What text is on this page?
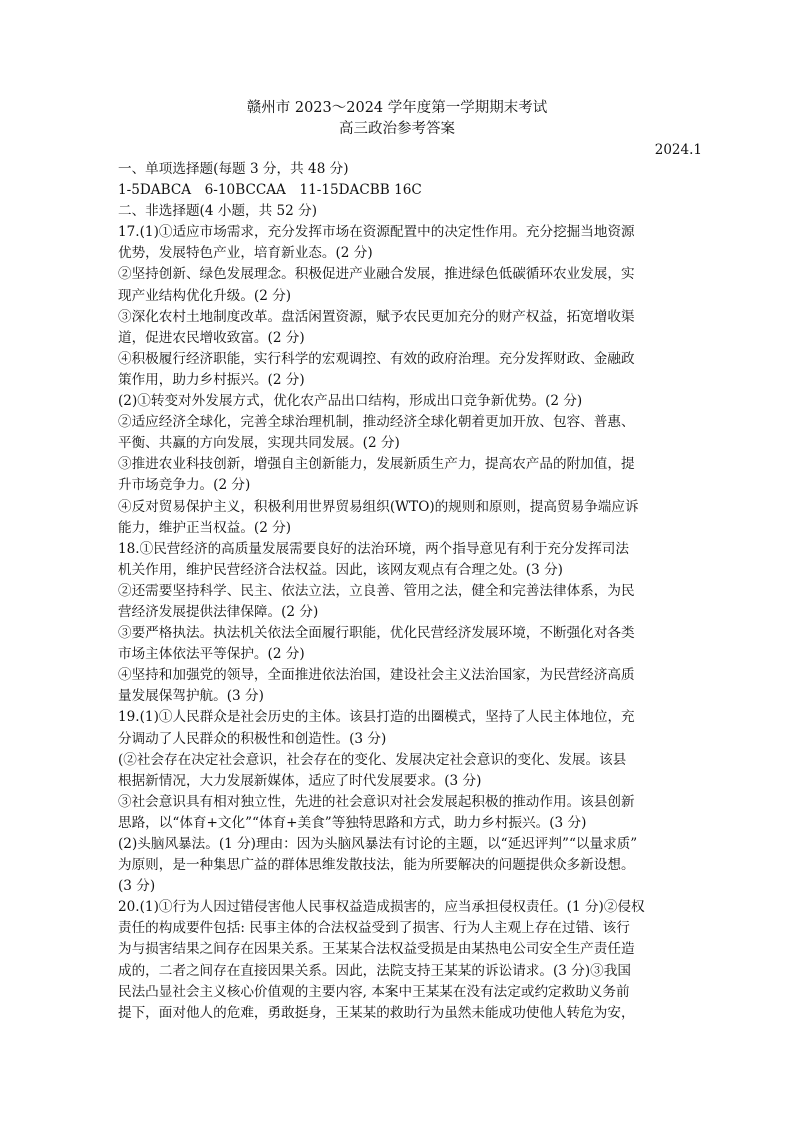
赣州市 2023～2024 学年度第一学期期末考试
高三政治参考答案
2024.1
一、单项选择题(每题 3 分，共 48 分)
1-5DABCA　6-10BCCAA　11-15DACBB 16C
二、非选择题(4 小题，共 52 分)
17.(1)①适应市场需求，充分发挥市场在资源配置中的决定性作用。充分挖掘当地资源
优势，发展特色产业，培育新业态。(2 分)
②坚持创新、绿色发展理念。积极促进产业融合发展，推进绿色低碳循环农业发展，实
现产业结构优化升级。(2 分)
③深化农村土地制度改革。盘活闲置资源，赋予农民更加充分的财产权益，拓宽增收渠
道，促进农民增收致富。(2 分)
④积极履行经济职能，实行科学的宏观调控、有效的政府治理。充分发挥财政、金融政
策作用，助力乡村振兴。(2 分)
(2)①转变对外发展方式，优化农产品出口结构，形成出口竞争新优势。(2 分)
②适应经济全球化，完善全球治理机制，推动经济全球化朝着更加开放、包容、普惠、
平衡、共赢的方向发展，实现共同发展。(2 分)
③推进农业科技创新，增强自主创新能力，发展新质生产力，提高农产品的附加值，提
升市场竞争力。(2 分)
④反对贸易保护主义，积极利用世界贸易组织(WTO)的规则和原则，提高贸易争端应诉
能力，维护正当权益。(2 分)
18.①民营经济的高质量发展需要良好的法治环境，两个指导意见有利于充分发挥司法
机关作用，维护民营经济合法权益。因此，该网友观点有合理之处。(3 分)
②还需要坚持科学、民主、依法立法，立良善、管用之法，健全和完善法律体系，为民
营经济发展提供法律保障。(2 分)
③要严格执法。执法机关依法全面履行职能，优化民营经济发展环境，不断强化对各类
市场主体依法平等保护。(2 分)
④坚持和加强党的领导，全面推进依法治国，建设社会主义法治国家，为民营经济高质
量发展保驾护航。(3 分)
19.(1)①人民群众是社会历史的主体。该县打造的出圈模式，坚持了人民主体地位，充
分调动了人民群众的积极性和创造性。(3 分)
(②社会存在决定社会意识，社会存在的变化、发展决定社会意识的变化、发展。该县
根据新情况，大力发展新媒体，适应了时代发展要求。(3 分)
③社会意识具有相对独立性，先进的社会意识对社会发展起积极的推动作用。该县创新
思路，以“体育+文化”“体育+美食”等独特思路和方式，助力乡村振兴。(3 分)
(2)头脑风暴法。(1 分)理由：因为头脑风暴法有讨论的主题，以“延迟评判”“以量求质”
为原则，是一种集思广益的群体思维发散技法，能为所要解决的问题提供众多新设想。
(3 分)
20.(1)①行为人因过错侵害他人民事权益造成损害的，应当承担侵权责任。(1 分)②侵权
责任的构成要件包括: 民事主体的合法权益受到了损害、行为人主观上存在过错、该行
为与损害结果之间存在因果关系。王某某合法权益受损是由某热电公司安全生产责任造
成的，二者之间存在直接因果关系。因此，法院支持王某某的诉讼请求。(3 分)③我国
民法凸显社会主义核心价值观的主要内容, 本案中王某某在没有法定或约定救助义务前
提下，面对他人的危难，勇敢挺身，王某某的救助行为虽然未能成功使他人转危为安，
